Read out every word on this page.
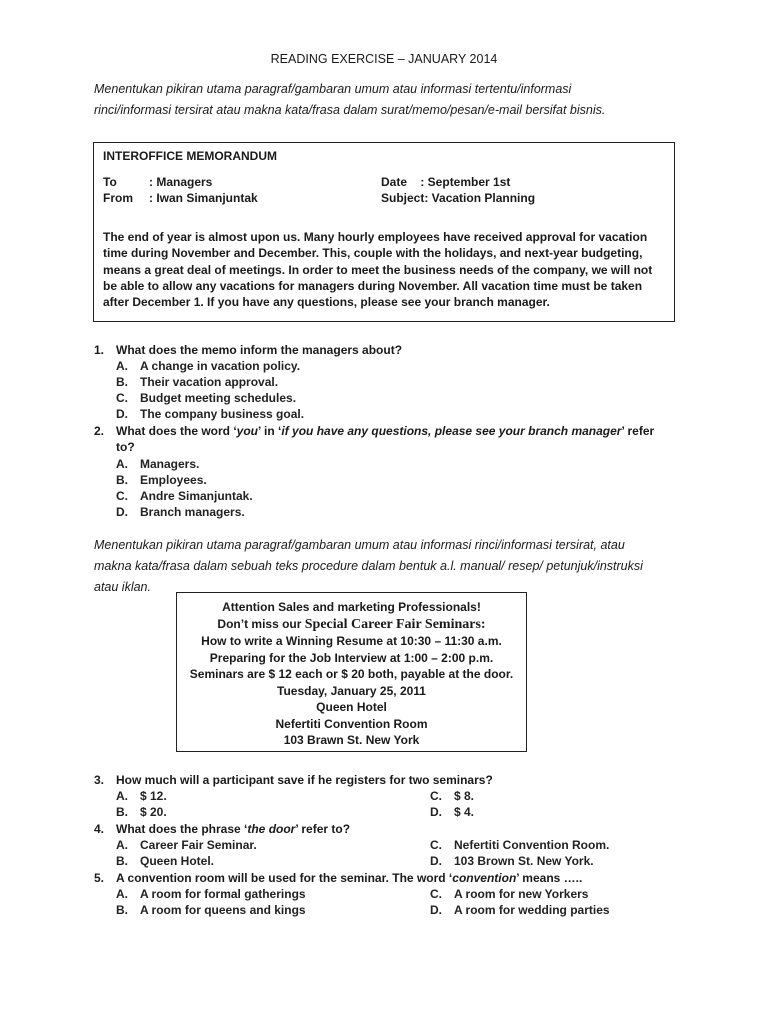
READING EXERCISE – JANUARY 2014
Menentukan pikiran utama paragraf/gambaran umum atau informasi tertentu/informasi
rinci/informasi tersirat atau makna kata/frasa dalam surat/memo/pesan/e-mail bersifat bisnis.
INTEROFFICE MEMORANDUM
To	: Managers	Date    : September 1st
From : Iwan Simanjuntak	Subject: Vacation Planning
The end of year is almost upon us. Many hourly employees have received approval for vacation
time during November and December. This, couple with the holidays, and next-year budgeting,
means a great deal of meetings. In order to meet the business needs of the company, we will not
be able to allow any vacations for managers during November. All vacation time must be taken
after December 1. If you have any questions, please see your branch manager.
1. What does the memo inform the managers about?
A. A change in vacation policy.
B. Their vacation approval.
C. Budget meeting schedules.
D. The company business goal.
2. What does the word ‘you’ in ‘if you have any questions, please see your branch manager’ refer
to?
A. Managers.
B. Employees.
C. Andre Simanjuntak.
D. Branch managers.
Menentukan pikiran utama paragraf/gambaran umum atau informasi rinci/informasi tersirat, atau
makna kata/frasa dalam sebuah teks procedure dalam bentuk a.l. manual/ resep/ petunjuk/instruksi
atau iklan.
Attention Sales and marketing Professionals!
Don’t miss our Special Career Fair Seminars:
How to write a Winning Resume at 10:30 – 11:30 a.m.
Preparing for the Job Interview at 1:00 – 2:00 p.m.
Seminars are $ 12 each or $ 20 both, payable at the door.
Tuesday, January 25, 2011
Queen Hotel
Nefertiti Convention Room
103 Brawn St. New York
3. How much will a participant save if he registers for two seminars?
A. $ 12.
B. $ 20.
C. $ 8.
D. $ 4.
4. What does the phrase ‘the door’ refer to?
A. Career Fair Seminar.
B. Queen Hotel.
C. Nefertiti Convention Room.
D. 103 Brown St. New York.
5. A convention room will be used for the seminar. The word ‘convention’ means …..
A. A room for formal gatherings
B. A room for queens and kings
C. A room for new Yorkers
D. A room for wedding parties
